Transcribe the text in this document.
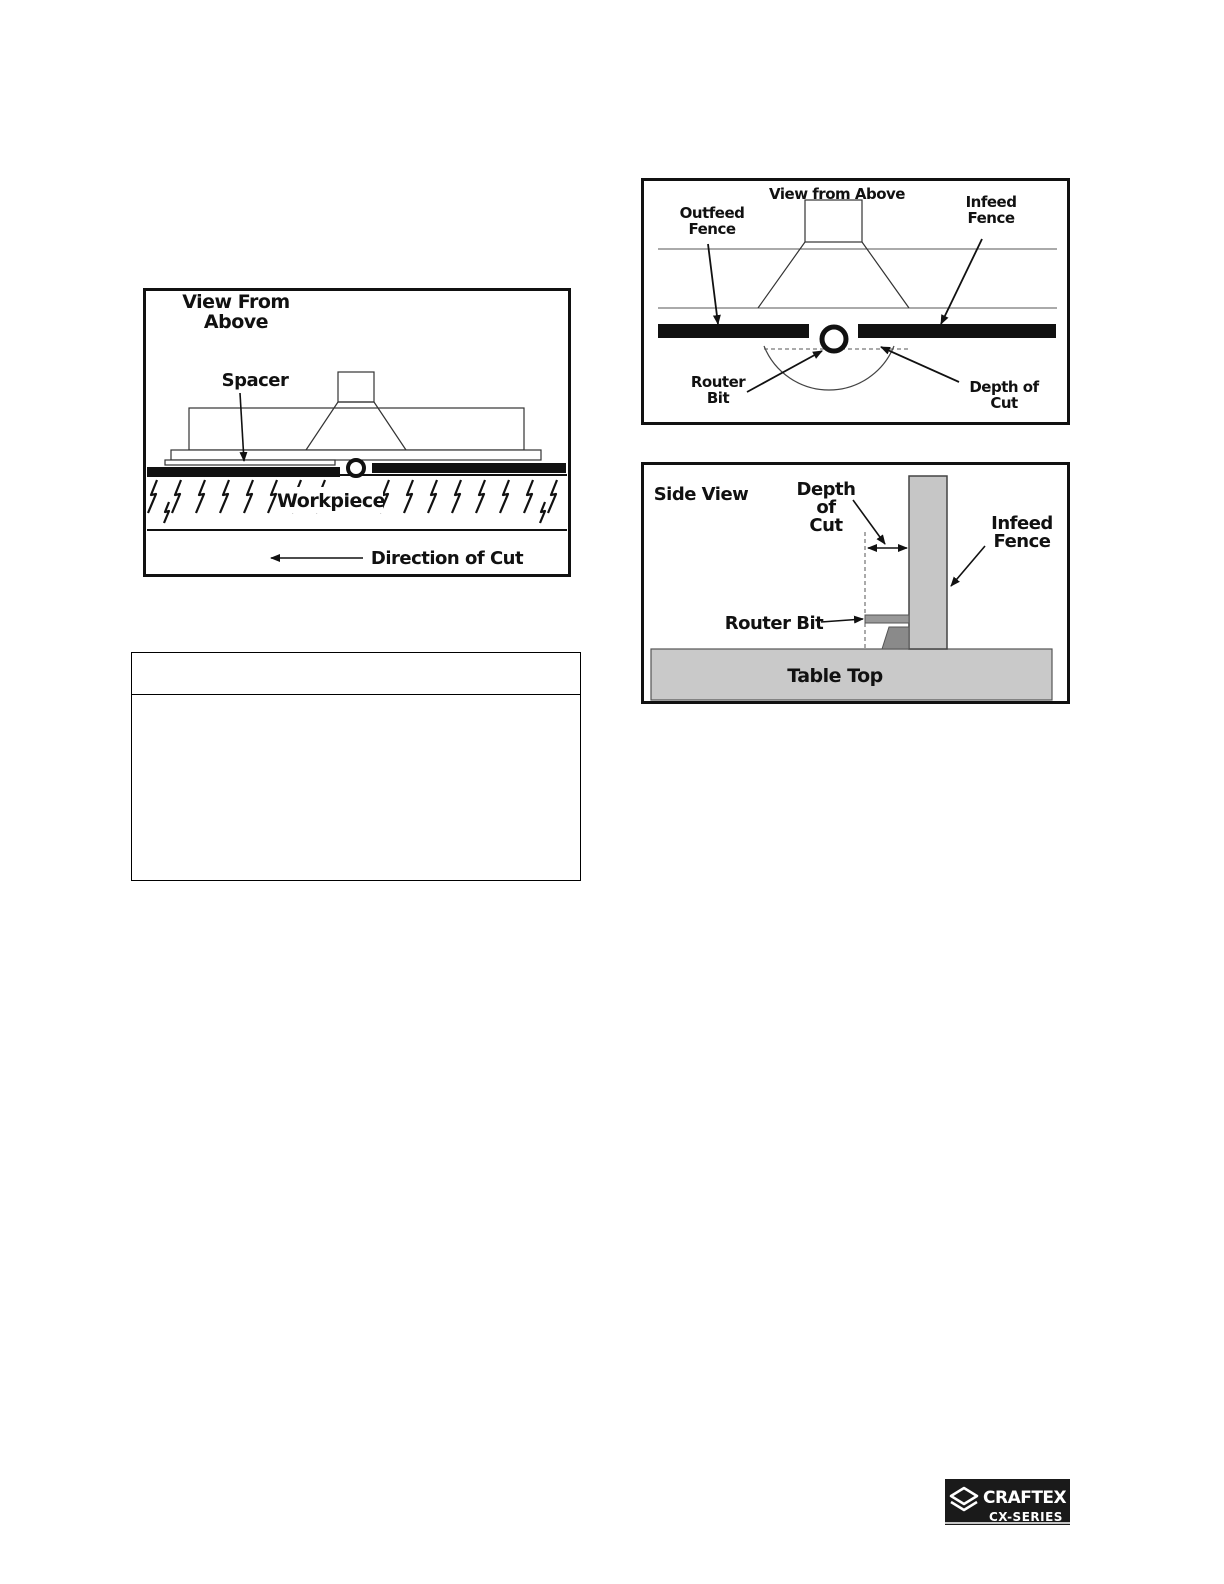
View From
Above
Spacer
Workpiece
Direction of Cut
View from Above
Outfeed
Fence
Infeed
Fence
Router
Bit
Depth of
Cut
Side View	Depth
of
Cut	Infeed
Fence
Router Bit
Table Top
CRAFTEX
CX-SERIES
